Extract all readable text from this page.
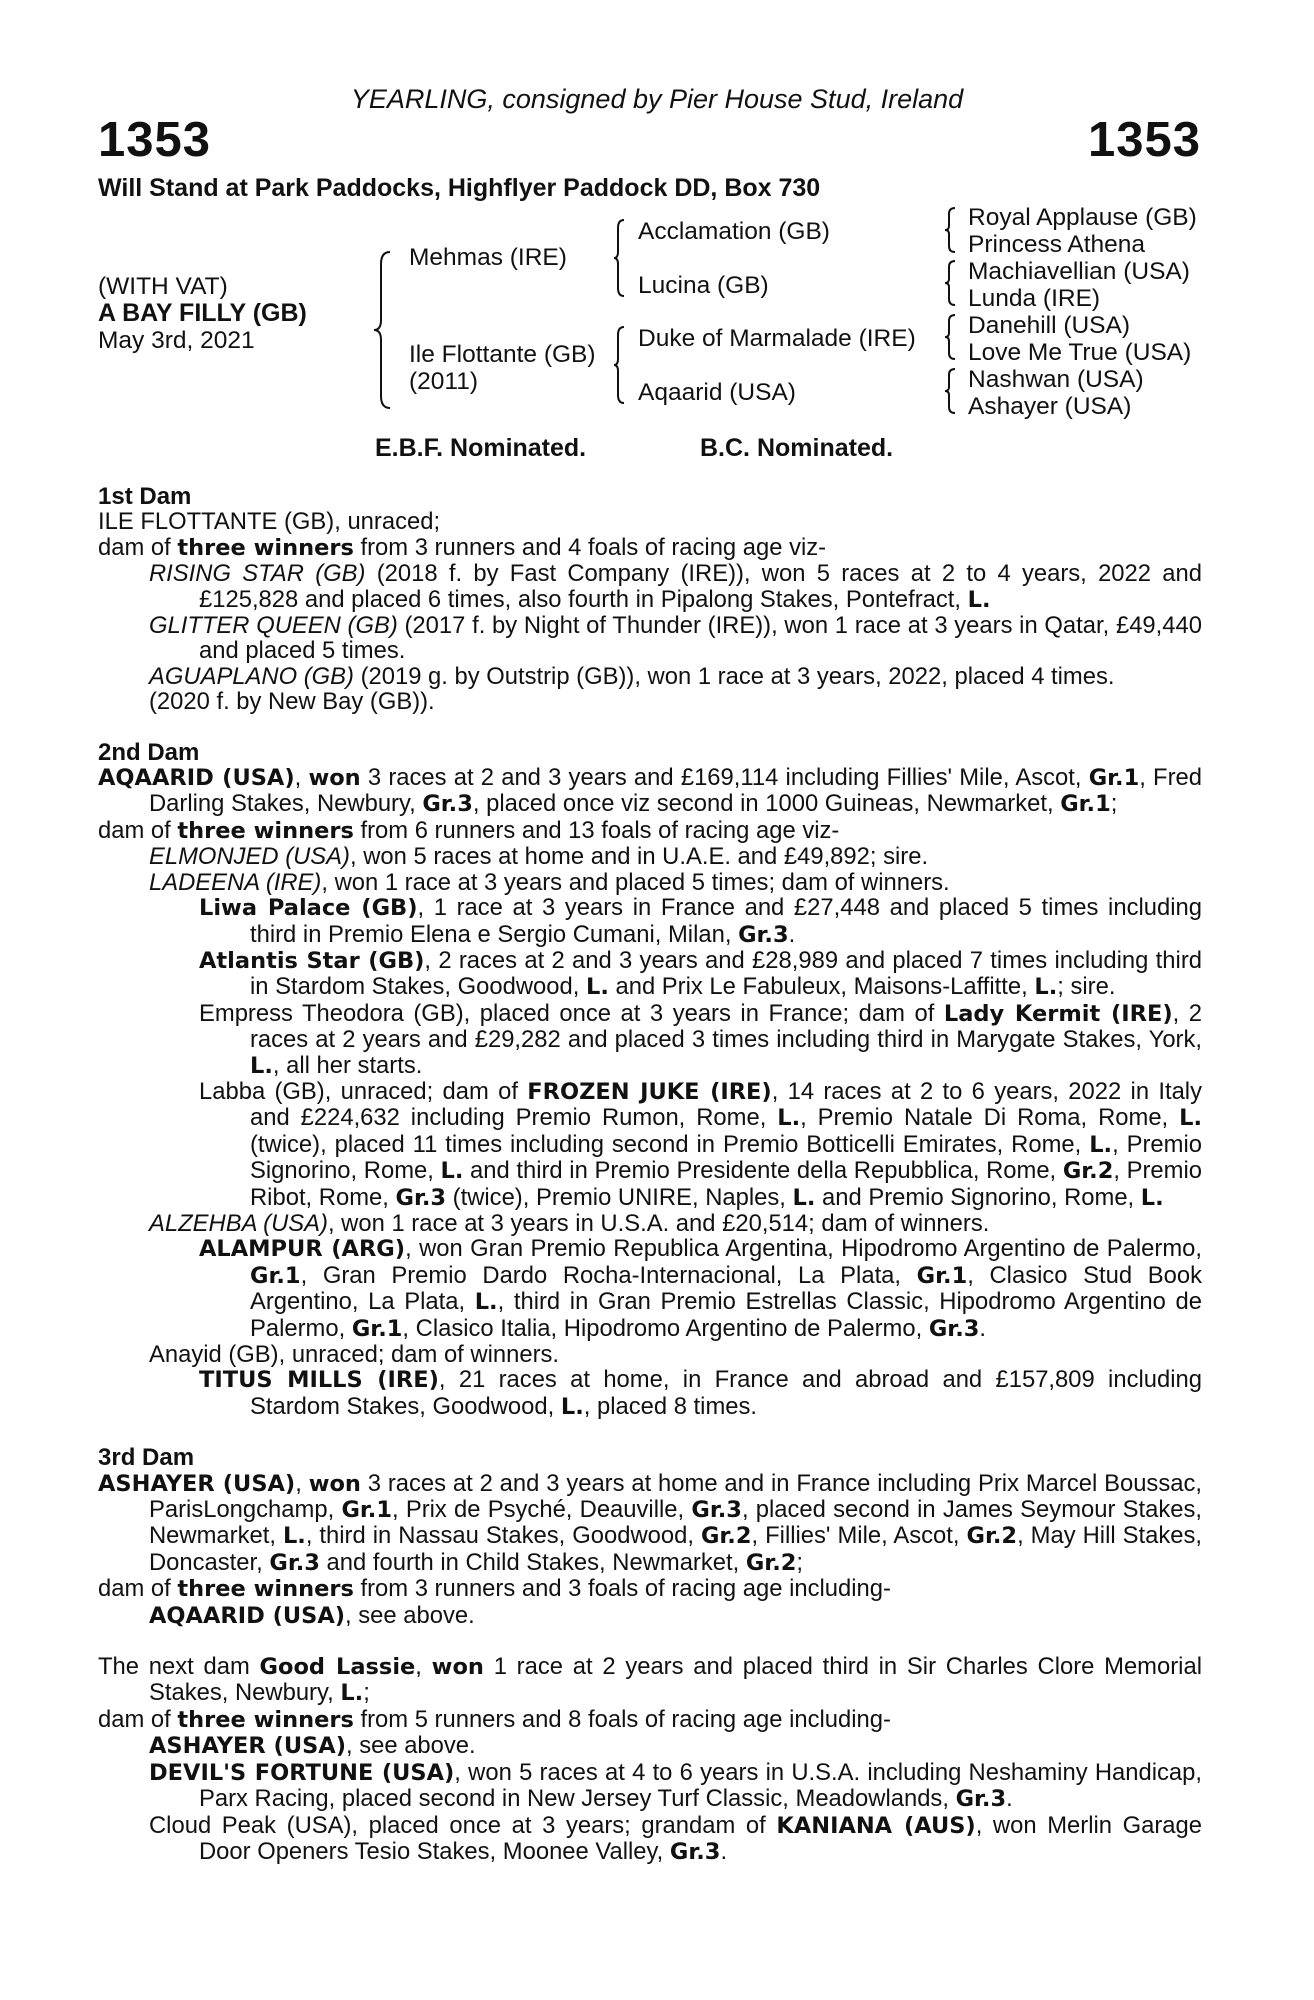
YEARLING, consigned by Pier House Stud, Ireland
1353	1353
Will Stand at Park Paddocks, Highflyer Paddock DD, Box 730
(WITH VAT)
A BAY FILLY (GB)
May 3rd, 2021
Mehmas (IRE)
Ile Flottante (GB)
(2011)
Acclamation (GB)
Lucina (GB)
Duke of Marmalade (IRE)
Aqaarid (USA)
Royal Applause (GB)
Princess Athena
Machiavellian (USA)
Lunda (IRE)
Danehill (USA)
Love Me True (USA)
Nashwan (USA)
Ashayer (USA)
E.B.F. Nominated.	B.C. Nominated.

1st Dam

ILE FLOTTANTE (GB), unraced;

dam of three winners from 3 runners and 4 foals of racing age viz-

RISING STAR (GB) (2018 f. by Fast Company (IRE)), won 5 races at 2 to 4 years, 2022 and £125,828 and placed 6 times, also fourth in Pipalong Stakes, Pontefract, L.

GLITTER QUEEN (GB) (2017 f. by Night of Thunder (IRE)), won 1 race at 3 years in Qatar, £49,440 and placed 5 times.

AGUAPLANO (GB) (2019 g. by Outstrip (GB)), won 1 race at 3 years, 2022, placed 4 times.

(2020 f. by New Bay (GB)).

2nd Dam

AQAARID (USA), won 3 races at 2 and 3 years and £169,114 including Fillies' Mile, Ascot, Gr.1, Fred Darling Stakes, Newbury, Gr.3, placed once viz second in 1000 Guineas, Newmarket, Gr.1;

dam of three winners from 6 runners and 13 foals of racing age viz-

ELMONJED (USA), won 5 races at home and in U.A.E. and £49,892; sire.

LADEENA (IRE), won 1 race at 3 years and placed 5 times; dam of winners.

Liwa Palace (GB), 1 race at 3 years in France and £27,448 and placed 5 times including third in Premio Elena e Sergio Cumani, Milan, Gr.3.

Atlantis Star (GB), 2 races at 2 and 3 years and £28,989 and placed 7 times including third in Stardom Stakes, Goodwood, L. and Prix Le Fabuleux, Maisons-Laffitte, L.; sire.

Empress Theodora (GB), placed once at 3 years in France; dam of Lady Kermit (IRE), 2 races at 2 years and £29,282 and placed 3 times including third in Marygate Stakes, York, L., all her starts.

Labba (GB), unraced; dam of FROZEN JUKE (IRE), 14 races at 2 to 6 years, 2022 in Italy and £224,632 including Premio Rumon, Rome, L., Premio Natale Di Roma, Rome, L. (twice), placed 11 times including second in Premio Botticelli Emirates, Rome, L., Premio Signorino, Rome, L. and third in Premio Presidente della Repubblica, Rome, Gr.2, Premio Ribot, Rome, Gr.3 (twice), Premio UNIRE, Naples, L. and Premio Signorino, Rome, L.

ALZEHBA (USA), won 1 race at 3 years in U.S.A. and £20,514; dam of winners.

ALAMPUR (ARG), won Gran Premio Republica Argentina, Hipodromo Argentino de Palermo, Gr.1, Gran Premio Dardo Rocha-Internacional, La Plata, Gr.1, Clasico Stud Book Argentino, La Plata, L., third in Gran Premio Estrellas Classic, Hipodromo Argentino de Palermo, Gr.1, Clasico Italia, Hipodromo Argentino de Palermo, Gr.3.

Anayid (GB), unraced; dam of winners.

TITUS MILLS (IRE), 21 races at home, in France and abroad and £157,809 including Stardom Stakes, Goodwood, L., placed 8 times.

3rd Dam

ASHAYER (USA), won 3 races at 2 and 3 years at home and in France including Prix Marcel Boussac, ParisLongchamp, Gr.1, Prix de Psyché, Deauville, Gr.3, placed second in James Seymour Stakes, Newmarket, L., third in Nassau Stakes, Goodwood, Gr.2, Fillies' Mile, Ascot, Gr.2, May Hill Stakes, Doncaster, Gr.3 and fourth in Child Stakes, Newmarket, Gr.2;

dam of three winners from 3 runners and 3 foals of racing age including-

AQAARID (USA), see above.

The next dam Good Lassie, won 1 race at 2 years and placed third in Sir Charles Clore Memorial Stakes, Newbury, L.;

dam of three winners from 5 runners and 8 foals of racing age including-

ASHAYER (USA), see above.

DEVIL'S FORTUNE (USA), won 5 races at 4 to 6 years in U.S.A. including Neshaminy Handicap, Parx Racing, placed second in New Jersey Turf Classic, Meadowlands, Gr.3.

Cloud Peak (USA), placed once at 3 years; grandam of KANIANA (AUS), won Merlin Garage Door Openers Tesio Stakes, Moonee Valley, Gr.3.
